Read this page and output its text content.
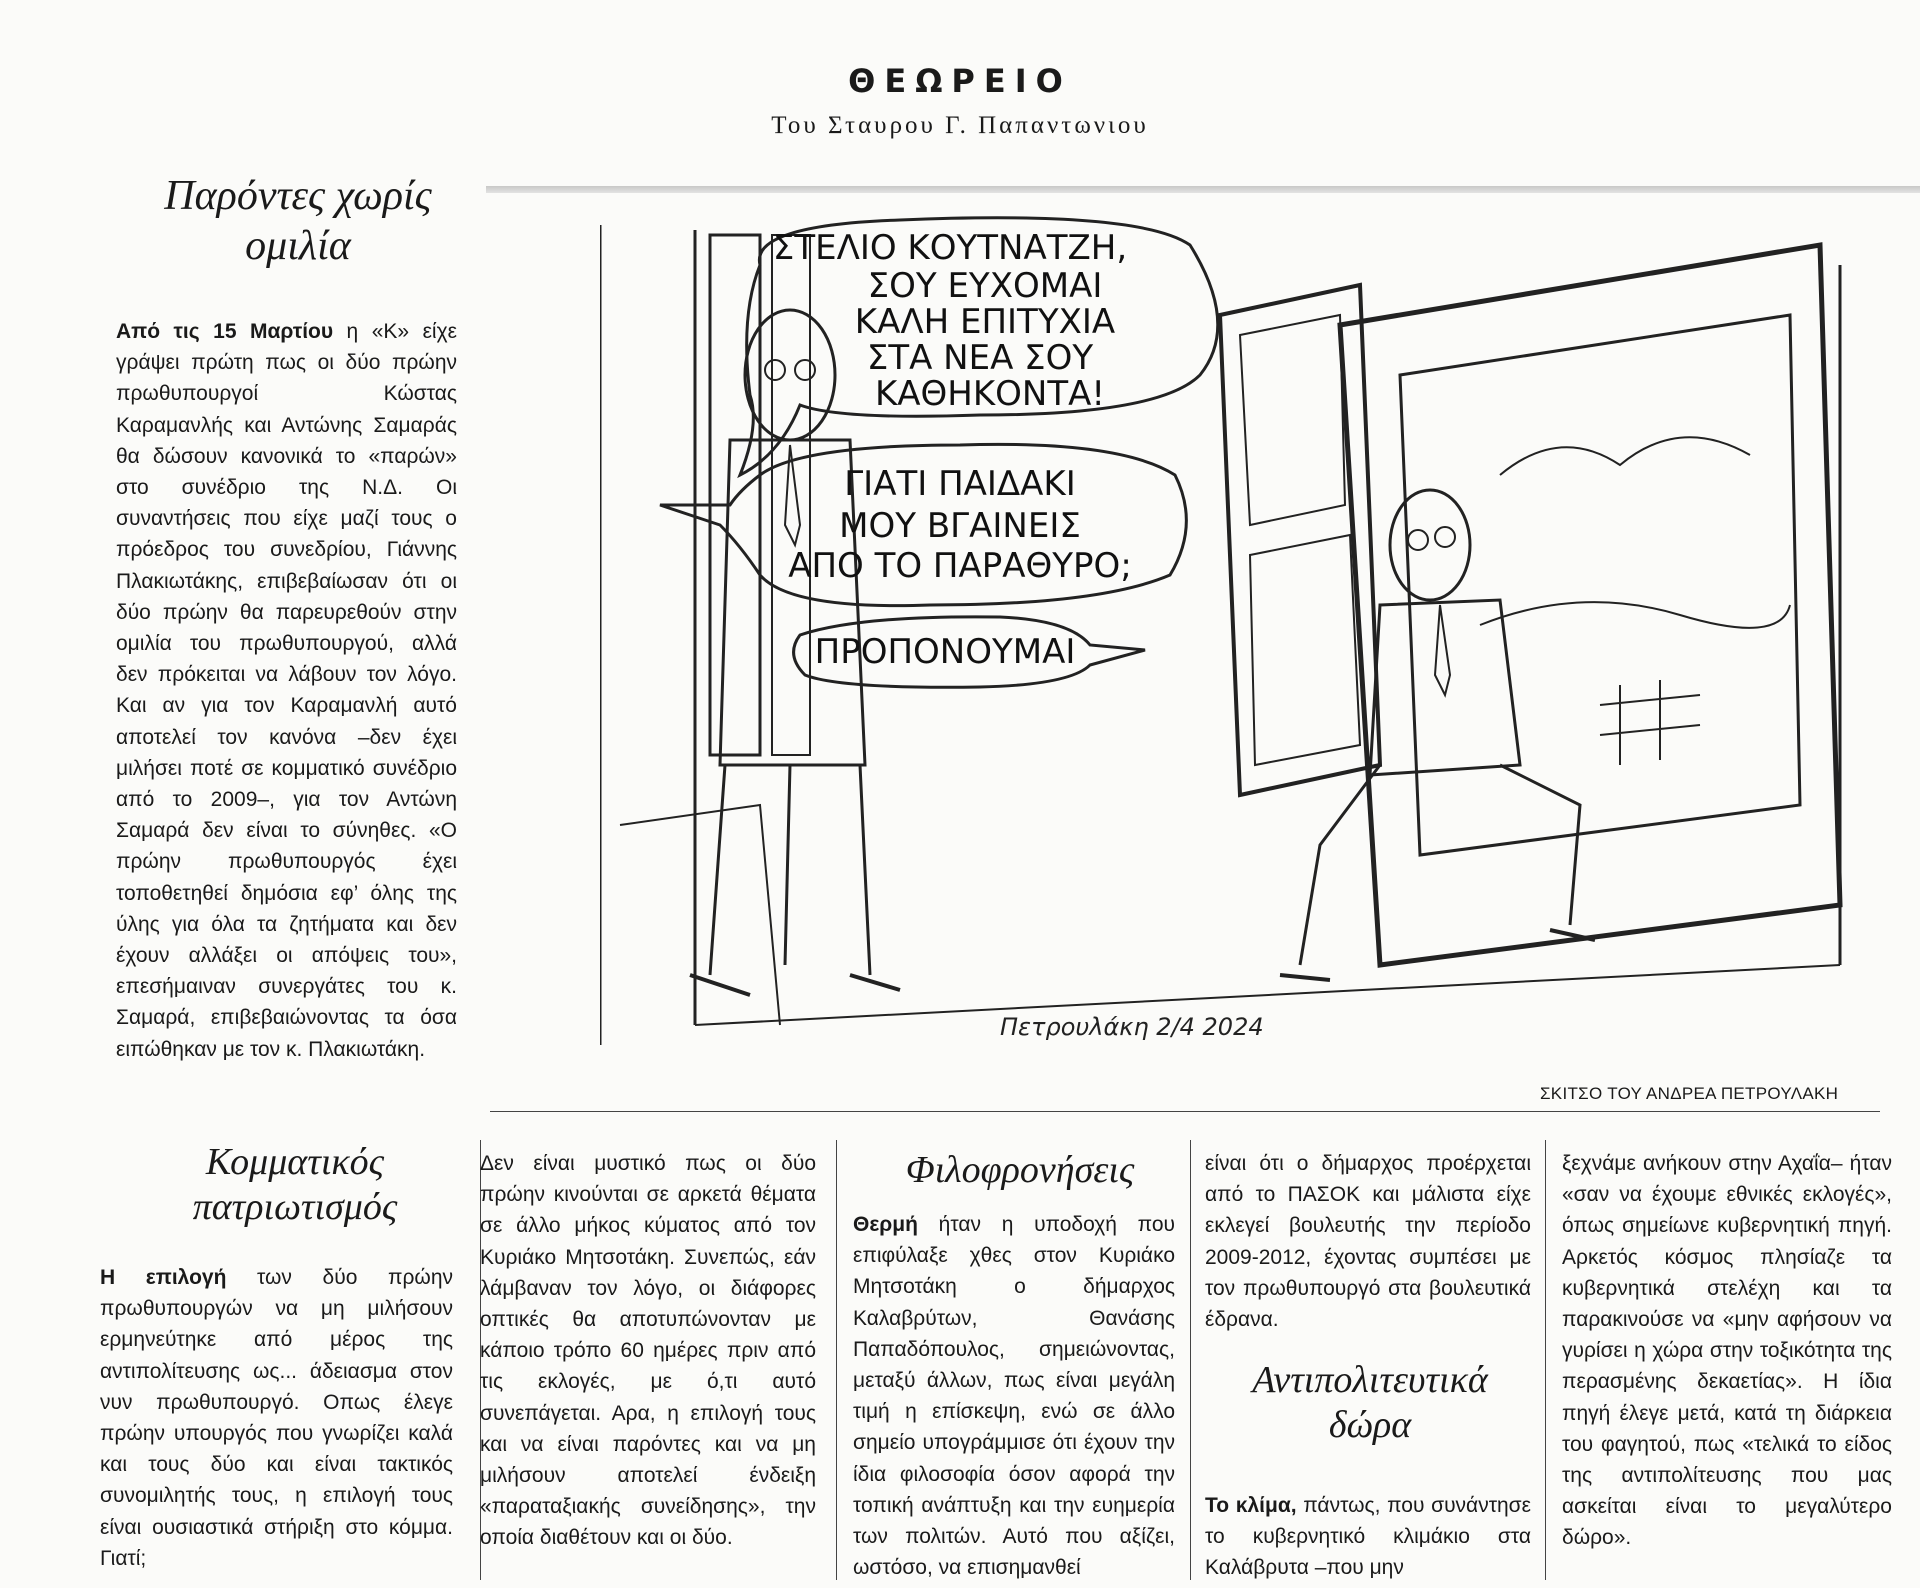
ΘΕΩΡΕΙΟ
Του Σταυρου Γ. Παπαντωνιου
Παρόντες χωρίς ομιλία

Από τις 15 Μαρτίου η «Κ» είχε γράψει πρώτη πως οι δύο πρώην πρωθυπουργοί Κώστας Καραμανλής και Αντώνης Σαμαράς θα δώσουν κανονικά το «παρών» στο συνέδριο της Ν.Δ. Οι συναντήσεις που είχε μαζί τους ο πρόεδρος του συνεδρίου, Γιάννης Πλακιωτάκης, επιβεβαίωσαν ότι οι δύο πρώην θα παρευρεθούν στην ομιλία του πρωθυπουργού, αλλά δεν πρόκειται να λάβουν τον λόγο. Και αν για τον Καραμανλή αυτό αποτελεί τον κανόνα –δεν έχει μιλήσει ποτέ σε κομματικό συνέδριο από το 2009–, για τον Αντώνη Σαμαρά δεν είναι το σύνηθες. «Ο πρώην πρωθυπουργός έχει τοποθετηθεί δημόσια εφ’ όλης της ύλης για όλα τα ζητήματα και δεν έχουν αλλάξει οι απόψεις του», επεσήμαιναν συνεργάτες του κ. Σαμαρά, επιβεβαιώνοντας τα όσα ειπώθηκαν με τον κ. Πλακιωτάκη.

ΣΤΕΛΙΟ ΚΟΥΤΝΑΤΖΗ,
ΣΟΥ ΕΥΧΟΜΑΙ
ΚΑΛΗ ΕΠΙΤΥΧΙΑ
ΣΤΑ ΝΕΑ ΣΟΥ
ΚΑΘΗΚΟΝΤΑ!
ΓΙΑΤΙ ΠΑΙΔΑΚΙ
ΜΟΥ ΒΓΑΙΝΕΙΣ
ΑΠΟ ΤΟ ΠΑΡΑΘΥΡΟ;
ΠΡΟΠΟΝΟΥΜΑΙ
Πετρουλάκη 2/4 2024
ΣΚΙΤΣΟ ΤΟΥ ΑΝΔΡΕΑ ΠΕΤΡΟΥΛΑΚΗ
Κομματικός πατριωτισμός

Η επιλογή των δύο πρώην πρωθυπουργών να μη μιλήσουν ερμηνεύτηκε από μέρος της αντιπολίτευσης ως... άδειασμα στον νυν πρωθυπουργό. Οπως έλεγε πρώην υπουργός που γνωρίζει καλά και τους δύο και είναι τακτικός συνομιλητής τους, η επιλογή τους είναι ουσιαστικά στήριξη στο κόμμα. Γιατί;

Δεν είναι μυστικό πως οι δύο πρώην κινούνται σε αρκετά θέματα σε άλλο μήκος κύματος από τον Κυριάκο Μητσοτάκη. Συνεπώς, εάν λάμβαναν τον λόγο, οι διάφορες οπτικές θα αποτυπώνονταν με κάποιο τρόπο 60 ημέρες πριν από τις εκλογές, με ό,τι αυτό συνεπάγεται. Αρα, η επιλογή τους και να είναι παρόντες και να μη μιλήσουν αποτελεί ένδειξη «παραταξιακής συνείδησης», την οποία διαθέτουν και οι δύο.

Φιλοφρονήσεις

Θερμή ήταν η υποδοχή που επιφύλαξε χθες στον Κυριάκο Μητσοτάκη ο δήμαρχος Καλαβρύτων, Θανάσης Παπαδόπουλος, σημειώνοντας, μεταξύ άλλων, πως είναι μεγάλη τιμή η επίσκεψη, ενώ σε άλλο σημείο υπογράμμισε ότι έχουν την ίδια φιλοσοφία όσον αφορά την τοπική ανάπτυξη και την ευημερία των πολιτών. Αυτό που αξίζει, ωστόσο, να επισημανθεί

είναι ότι ο δήμαρχος προέρχεται από το ΠΑΣΟΚ και μάλιστα είχε εκλεγεί βουλευτής την περίοδο 2009-2012, έχοντας συμπέσει με τον πρωθυπουργό στα βουλευτικά έδρανα.

Αντιπολιτευτικά δώρα

Το κλίμα, πάντως, που συνάντησε το κυβερνητικό κλιμάκιο στα Καλάβρυτα –που μην

ξεχνάμε ανήκουν στην Αχαΐα– ήταν «σαν να έχουμε εθνικές εκλογές», όπως σημείωνε κυβερνητική πηγή. Αρκετός κόσμος πλησίαζε τα κυβερνητικά στελέχη και τα παρακινούσε να «μην αφήσουν να γυρίσει η χώρα στην τοξικότητα της περασμένης δεκαετίας». Η ίδια πηγή έλεγε μετά, κατά τη διάρκεια του φαγητού, πως «τελικά το είδος της αντιπολίτευσης που μας ασκείται είναι το μεγαλύτερο δώρο».
